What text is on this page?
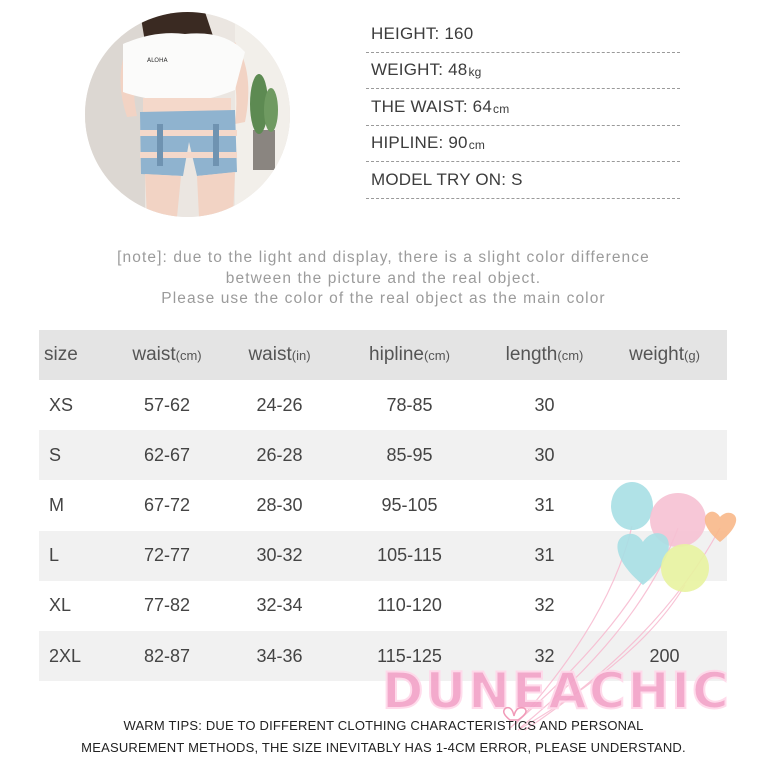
ALOHA
HEIGHT: 160
WEIGHT: 48 kg
THE WAIST: 64 cm
HIPLINE: 90 cm
MODEL TRY ON: S
[note]: due to the light and display, there is a slight color difference
between the picture and the real object.
Please use the color of the real object as the main color
size	waist(cm)	waist(in)	hipline(cm)	length(cm)	weight(g)
XS	57-62	24-26	78-85	30	
S	62-67	26-28	85-95	30	
M	67-72	28-30	95-105	31	
L	72-77	30-32	105-115	31	
XL	77-82	32-34	110-120	32	
2XL	82-87	34-36	115-125	32	200
DUNEACHIC
WARM TIPS: DUE TO DIFFERENT CLOTHING CHARACTERISTICS AND PERSONAL
MEASUREMENT METHODS, THE SIZE INEVITABLY HAS 1-4CM ERROR, PLEASE UNDERSTAND.
